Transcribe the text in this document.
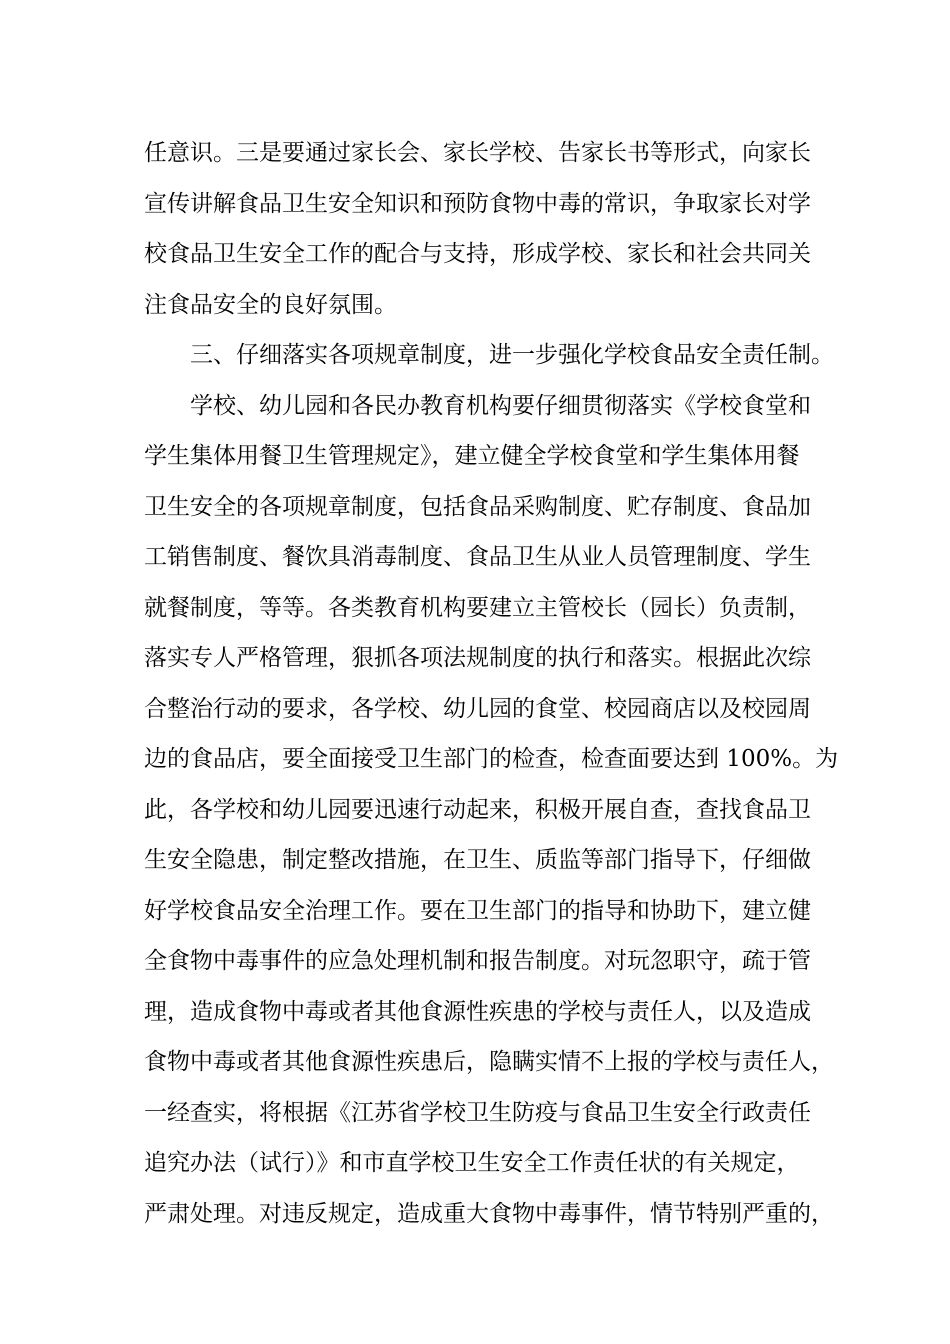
任意识。三是要通过家长会、家长学校、告家长书等形式，向家长
宣传讲解食品卫生安全知识和预防食物中毒的常识，争取家长对学
校食品卫生安全工作的配合与支持，形成学校、家长和社会共同关
注食品安全的良好氛围。
三、仔细落实各项规章制度，进一步强化学校食品安全责任制。
学校、幼儿园和各民办教育机构要仔细贯彻落实《学校食堂和
学生集体用餐卫生管理规定》，建立健全学校食堂和学生集体用餐
卫生安全的各项规章制度，包括食品采购制度、贮存制度、食品加
工销售制度、餐饮具消毒制度、食品卫生从业人员管理制度、学生
就餐制度，等等。各类教育机构要建立主管校长（园长）负责制，
落实专人严格管理，狠抓各项法规制度的执行和落实。根据此次综
合整治行动的要求，各学校、幼儿园的食堂、校园商店以及校园周
边的食品店，要全面接受卫生部门的检查，检查面要达到 100%。为
此，各学校和幼儿园要迅速行动起来，积极开展自查，查找食品卫
生安全隐患，制定整改措施，在卫生、质监等部门指导下，仔细做
好学校食品安全治理工作。要在卫生部门的指导和协助下，建立健
全食物中毒事件的应急处理机制和报告制度。对玩忽职守，疏于管
理，造成食物中毒或者其他食源性疾患的学校与责任人，以及造成
食物中毒或者其他食源性疾患后，隐瞒实情不上报的学校与责任人，
一经查实，将根据《江苏省学校卫生防疫与食品卫生安全行政责任
追究办法（试行）》和市直学校卫生安全工作责任状的有关规定，
严肃处理。对违反规定，造成重大食物中毒事件，情节特别严重的，
